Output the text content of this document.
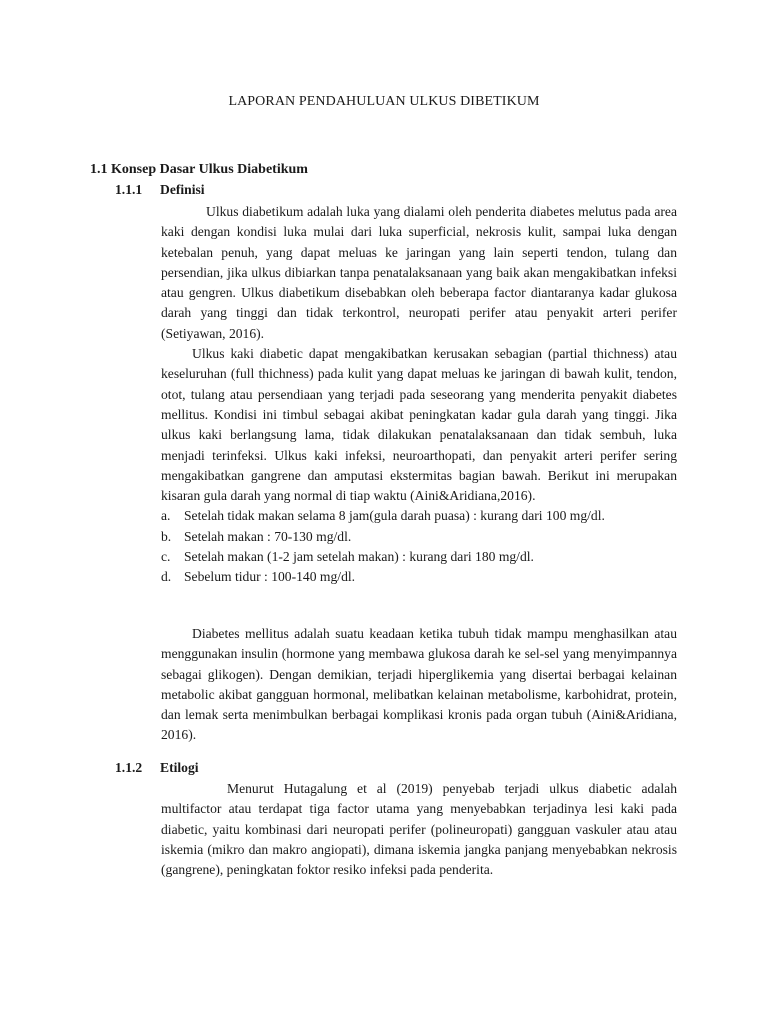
LAPORAN PENDAHULUAN ULKUS DIBETIKUM
1.1 Konsep Dasar Ulkus Diabetikum
1.1.1 Definisi

Ulkus diabetikum adalah luka yang dialami oleh penderita diabetes melutus pada area kaki dengan kondisi luka mulai dari luka superficial, nekrosis kulit, sampai luka dengan ketebalan penuh, yang dapat meluas ke jaringan yang lain seperti tendon, tulang dan persendian, jika ulkus dibiarkan tanpa penatalaksanaan yang baik akan mengakibatkan infeksi atau gengren. Ulkus diabetikum disebabkan oleh beberapa factor diantaranya kadar glukosa darah yang tinggi dan tidak terkontrol, neuropati perifer atau penyakit arteri perifer (Setiyawan, 2016).

Ulkus kaki diabetic dapat mengakibatkan kerusakan sebagian (partial thichness) atau keseluruhan (full thichness) pada kulit yang dapat meluas ke jaringan di bawah kulit, tendon, otot, tulang atau persendiaan yang terjadi pada seseorang yang menderita penyakit diabetes mellitus. Kondisi ini timbul sebagai akibat peningkatan kadar gula darah yang tinggi. Jika ulkus kaki berlangsung lama, tidak dilakukan penatalaksanaan dan tidak sembuh, luka menjadi terinfeksi. Ulkus kaki infeksi, neuroarthopati, dan penyakit arteri perifer sering mengakibatkan gangrene dan amputasi ekstermitas bagian bawah. Berikut ini merupakan kisaran gula darah yang normal di tiap waktu (Aini&Aridiana,2016).

a. Setelah tidak makan selama 8 jam(gula darah puasa) : kurang dari 100 mg/dl.
b. Setelah makan : 70-130 mg/dl.
c. Setelah makan (1-2 jam setelah makan) : kurang dari 180 mg/dl.
d. Sebelum tidur : 100-140 mg/dl.

Diabetes mellitus adalah suatu keadaan ketika tubuh tidak mampu menghasilkan atau menggunakan insulin (hormone yang membawa glukosa darah ke sel-sel yang menyimpannya sebagai glikogen). Dengan demikian, terjadi hiperglikemia yang disertai berbagai kelainan metabolic akibat gangguan hormonal, melibatkan kelainan metabolisme, karbohidrat, protein, dan lemak serta menimbulkan berbagai komplikasi kronis pada organ tubuh (Aini&Aridiana, 2016).

1.1.2 Etilogi

Menurut Hutagalung et al (2019) penyebab terjadi ulkus diabetic adalah multifactor atau terdapat tiga factor utama yang menyebabkan terjadinya lesi kaki pada diabetic, yaitu kombinasi dari neuropati perifer (polineuropati) gangguan vaskuler atau atau iskemia (mikro dan makro angiopati), dimana iskemia jangka panjang menyebabkan nekrosis (gangrene), peningkatan foktor resiko infeksi pada penderita.
